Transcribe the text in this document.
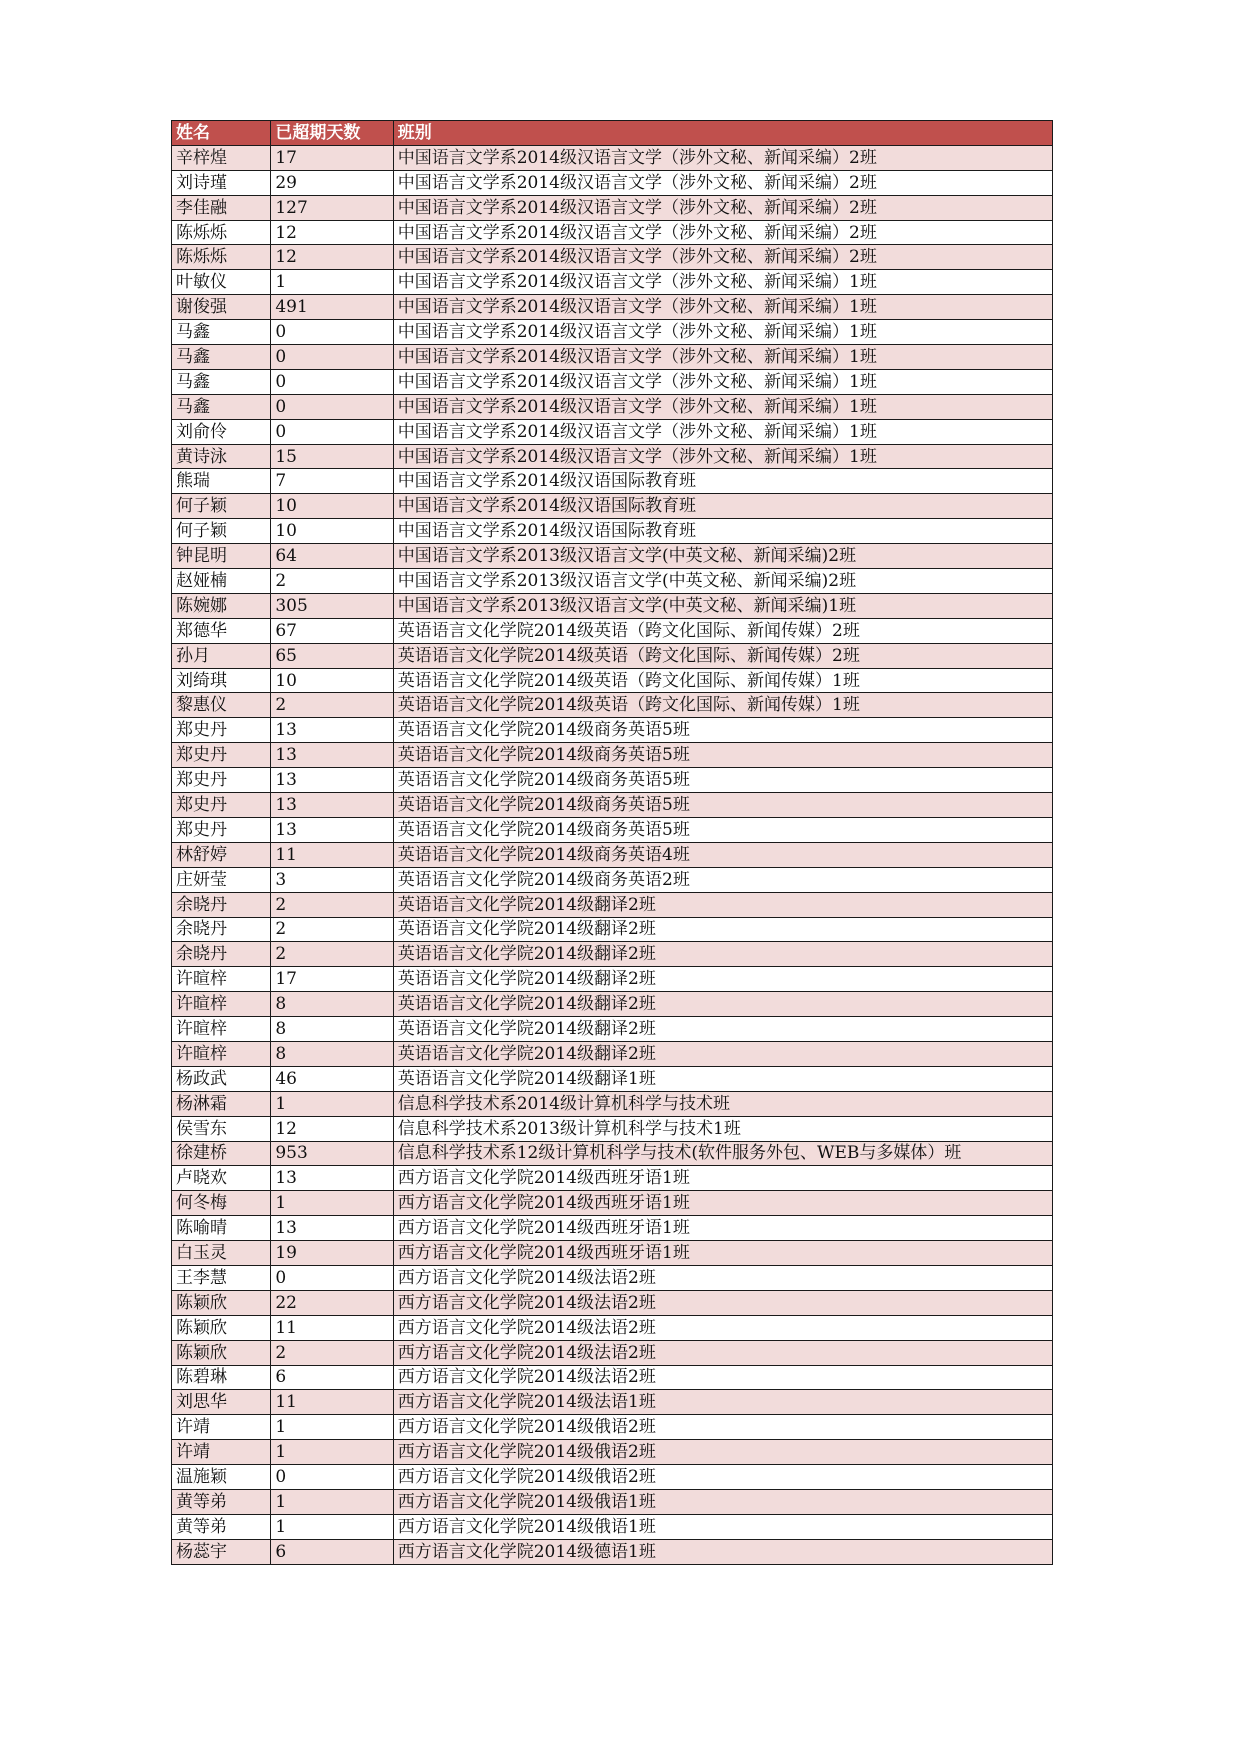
姓名	已超期天数	班别
辛梓煌	17	中国语言文学系2014级汉语言文学（涉外文秘、新闻采编）2班
刘诗瑾	29	中国语言文学系2014级汉语言文学（涉外文秘、新闻采编）2班
李佳融	127	中国语言文学系2014级汉语言文学（涉外文秘、新闻采编）2班
陈烁烁	12	中国语言文学系2014级汉语言文学（涉外文秘、新闻采编）2班
陈烁烁	12	中国语言文学系2014级汉语言文学（涉外文秘、新闻采编）2班
叶敏仪	1	中国语言文学系2014级汉语言文学（涉外文秘、新闻采编）1班
谢俊强	491	中国语言文学系2014级汉语言文学（涉外文秘、新闻采编）1班
马鑫	0	中国语言文学系2014级汉语言文学（涉外文秘、新闻采编）1班
马鑫	0	中国语言文学系2014级汉语言文学（涉外文秘、新闻采编）1班
马鑫	0	中国语言文学系2014级汉语言文学（涉外文秘、新闻采编）1班
马鑫	0	中国语言文学系2014级汉语言文学（涉外文秘、新闻采编）1班
刘俞伶	0	中国语言文学系2014级汉语言文学（涉外文秘、新闻采编）1班
黄诗泳	15	中国语言文学系2014级汉语言文学（涉外文秘、新闻采编）1班
熊瑞	7	中国语言文学系2014级汉语国际教育班
何子颖	10	中国语言文学系2014级汉语国际教育班
何子颖	10	中国语言文学系2014级汉语国际教育班
钟昆明	64	中国语言文学系2013级汉语言文学(中英文秘、新闻采编)2班
赵娅楠	2	中国语言文学系2013级汉语言文学(中英文秘、新闻采编)2班
陈婉娜	305	中国语言文学系2013级汉语言文学(中英文秘、新闻采编)1班
郑德华	67	英语语言文化学院2014级英语（跨文化国际、新闻传媒）2班
孙月	65	英语语言文化学院2014级英语（跨文化国际、新闻传媒）2班
刘绮琪	10	英语语言文化学院2014级英语（跨文化国际、新闻传媒）1班
黎惠仪	2	英语语言文化学院2014级英语（跨文化国际、新闻传媒）1班
郑史丹	13	英语语言文化学院2014级商务英语5班
郑史丹	13	英语语言文化学院2014级商务英语5班
郑史丹	13	英语语言文化学院2014级商务英语5班
郑史丹	13	英语语言文化学院2014级商务英语5班
郑史丹	13	英语语言文化学院2014级商务英语5班
林舒婷	11	英语语言文化学院2014级商务英语4班
庄妍莹	3	英语语言文化学院2014级商务英语2班
余晓丹	2	英语语言文化学院2014级翻译2班
余晓丹	2	英语语言文化学院2014级翻译2班
余晓丹	2	英语语言文化学院2014级翻译2班
许暄梓	17	英语语言文化学院2014级翻译2班
许暄梓	8	英语语言文化学院2014级翻译2班
许暄梓	8	英语语言文化学院2014级翻译2班
许暄梓	8	英语语言文化学院2014级翻译2班
杨政武	46	英语语言文化学院2014级翻译1班
杨淋霜	1	信息科学技术系2014级计算机科学与技术班
侯雪东	12	信息科学技术系2013级计算机科学与技术1班
徐建桥	953	信息科学技术系12级计算机科学与技术(软件服务外包、WEB与多媒体）班
卢晓欢	13	西方语言文化学院2014级西班牙语1班
何冬梅	1	西方语言文化学院2014级西班牙语1班
陈喻晴	13	西方语言文化学院2014级西班牙语1班
白玉灵	19	西方语言文化学院2014级西班牙语1班
王李慧	0	西方语言文化学院2014级法语2班
陈颖欣	22	西方语言文化学院2014级法语2班
陈颖欣	11	西方语言文化学院2014级法语2班
陈颖欣	2	西方语言文化学院2014级法语2班
陈碧琳	6	西方语言文化学院2014级法语2班
刘思华	11	西方语言文化学院2014级法语1班
许靖	1	西方语言文化学院2014级俄语2班
许靖	1	西方语言文化学院2014级俄语2班
温施颖	0	西方语言文化学院2014级俄语2班
黄等弟	1	西方语言文化学院2014级俄语1班
黄等弟	1	西方语言文化学院2014级俄语1班
杨蕊宇	6	西方语言文化学院2014级德语1班
